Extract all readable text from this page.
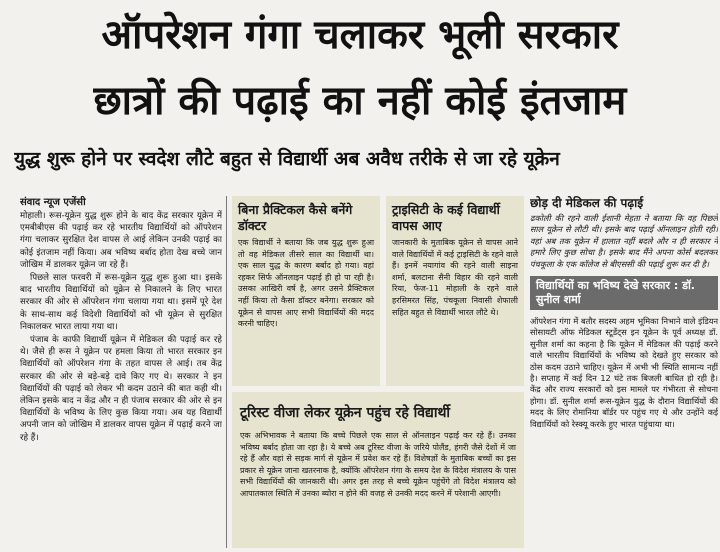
ऑपरेशन गंगा चलाकर भूली सरकार
छात्रों की पढ़ाई का नहीं कोई इंतजाम
युद्ध शुरू होने पर स्वदेश लौटे बहुत से विद्यार्थी अब अवैध तरीके से जा रहे यूक्रेन
संवाद न्यूज एजेंसी

मोहाली। रूस-यूक्रेन युद्ध शुरू होने के बाद केंद्र सरकार यूक्रेन में एमबीबीएस की पढ़ाई कर रहे भारतीय विद्यार्थियों को ऑपरेशन गंगा चलाकर सुरक्षित देश वापस ले आई लेकिन उनकी पढ़ाई का कोई इंतजाम नहीं किया। अब भविष्य बर्बाद होता देख बच्चे जान जोखिम में डालकर यूक्रेन जा रहे हैं।

पिछले साल फरवरी में रूस-यूक्रेन युद्ध शुरू हुआ था। इसके बाद भारतीय विद्यार्थियों को यूक्रेन से निकालने के लिए भारत सरकार की ओर से ऑपरेशन गंगा चलाया गया था। इसमें पूरे देश के साथ-साथ कई विदेशी विद्यार्थियों को भी यूक्रेन से सुरक्षित निकालकर भारत लाया गया था।

पंजाब के काफी विद्यार्थी यूक्रेन में मेडिकल की पढ़ाई कर रहे थे। जैसे ही रूस ने यूक्रेन पर हमला किया तो भारत सरकार इन विद्यार्थियों को ऑपरेशन गंगा के तहत वापस ले आई। तब केंद्र सरकार की ओर से बड़े-बड़े दावे किए गए थे। सरकार ने इन विद्यार्थियों की पढ़ाई को लेकर भी कदम उठाने की बात कही थी। लेकिन इसके बाद न केंद्र और न ही पंजाब सरकार की ओर से इन विद्यार्थियों के भविष्य के लिए कुछ किया गया। अब यह विद्यार्थी अपनी जान को जोखिम में डालकर वापस यूक्रेन में पढ़ाई करने जा रहे हैं।

बिना प्रैक्टिकल कैसे बनेंगे डॉक्टर
एक विद्यार्थी ने बताया कि जब युद्ध शुरू हुआ तो वह मेडिकल तीसरे साल का विद्यार्थी था। एक साल युद्ध के कारण बर्बाद हो गया। वहां रहकर सिर्फ ऑनलाइन पढ़ाई ही हो पा रही है। उसका आखिरी वर्ष है, अगर उसने प्रैक्टिकल नहीं किया तो कैसा डॉक्टर बनेगा। सरकार को यूक्रेन से वापस आए सभी विद्यार्थियों की मदद करनी चाहिए।
ट्राइसिटी के कई विद्यार्थी वापस आए
जानकारी के मुताबिक यूक्रेन से वापस आने वाले विद्यार्थियों में कई ट्राइसिटी के रहने वाले हैं। इनमें नयागांव की रहने वाली साइना शर्मा, बलटाना सैनी विहार की रहने वाली रिया, फेज-11 मोहाली के रहने वाले हरसिमरत सिंह, पंचकूला निवासी शेफाली सहित बहुत से विद्यार्थी भारत लौटे थे।
टूरिस्ट वीजा लेकर यूक्रेन पहुंच रहे विद्यार्थी
एक अभिभावक ने बताया कि बच्चे पिछले एक साल से ऑनलाइन पढ़ाई कर रहे हैं। उनका भविष्य बर्बाद होता जा रहा है। ये बच्चे अब टूरिस्ट वीजा के जरिये पोलैंड, हंगरी जैसे देशों में जा रहे हैं और वहां से सड़क मार्ग से यूक्रेन में प्रवेश कर रहे हैं। विशेषज्ञों के मुताबिक बच्चों का इस प्रकार से यूक्रेन जाना खतरनाक है, क्योंकि ऑपरेशन गंगा के समय देश के विदेश मंत्रालय के पास सभी विद्यार्थियों की जानकारी थी। अगर इस तरह से बच्चे यूक्रेन पहुंचेंगे तो विदेश मंत्रालय को आपातकाल स्थिति में उनका ब्योरा न होने की वजह से उनकी मदद करने में परेशानी आएगी।
छोड़ दी मेडिकल की पढ़ाई
ढकोली की रहने वाली ईशानी मेहता ने बताया कि वह पिछले साल यूक्रेन से लौटी थी। इसके बाद पढ़ाई ऑनलाइन होती रही। वहां अब तक यूक्रेन में हालात नहीं बदले और न ही सरकार ने हमारे लिए कुछ सोचा है। इसके बाद मैंने अपना कोर्स बदलकर पंचकूला के एक कॉलेज से बीएससी की पढ़ाई शुरू कर दी है।
विद्यार्थियों का भविष्य देखे सरकार : डॉ. सुनील शर्मा
ऑपरेशन गंगा में बतौर सदस्य अहम भूमिका निभाने वाले इंडियन सोसायटी ऑफ मेडिकल स्टूडेंट्स इन यूक्रेन के पूर्व अध्यक्ष डॉ. सुनील शर्मा का कहना है कि यूक्रेन में मेडिकल की पढ़ाई करने वाले भारतीय विद्यार्थियों के भविष्य को देखते हुए सरकार को ठोस कदम उठाने चाहिए। यूक्रेन में अभी भी स्थिति सामान्य नहीं है। सप्ताह में कई दिन 12 घंटे तक बिजली बाधित हो रही है। केंद्र और राज्य सरकारों को इस मामले पर गंभीरता से सोचना होगा। डॉ. सुनील शर्मा रूस-यूक्रेन युद्ध के दौरान विद्यार्थियों की मदद के लिए रोमानिया बॉर्डर पर पहुंच गए थे और उन्होंने कई विद्यार्थियों को रेस्क्यू करके हुए भारत पहुंचाया था।
